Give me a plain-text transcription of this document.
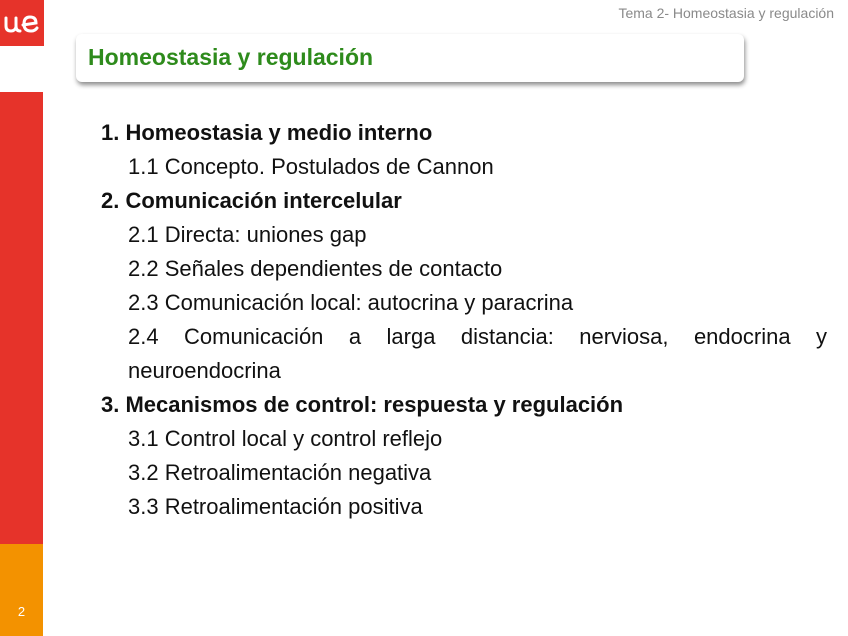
2
Tema 2- Homeostasia y regulación
Homeostasia y regulación
1. Homeostasia y medio interno
1.1 Concepto. Postulados de Cannon
2. Comunicación intercelular
2.1 Directa: uniones gap
2.2 Señales dependientes de contacto
2.3 Comunicación local: autocrina y paracrina
2.4 Comunicación a larga distancia: nerviosa, endocrina y
neuroendocrina
3. Mecanismos de control: respuesta y regulación
3.1 Control local y control reflejo
3.2 Retroalimentación negativa
3.3 Retroalimentación positiva
